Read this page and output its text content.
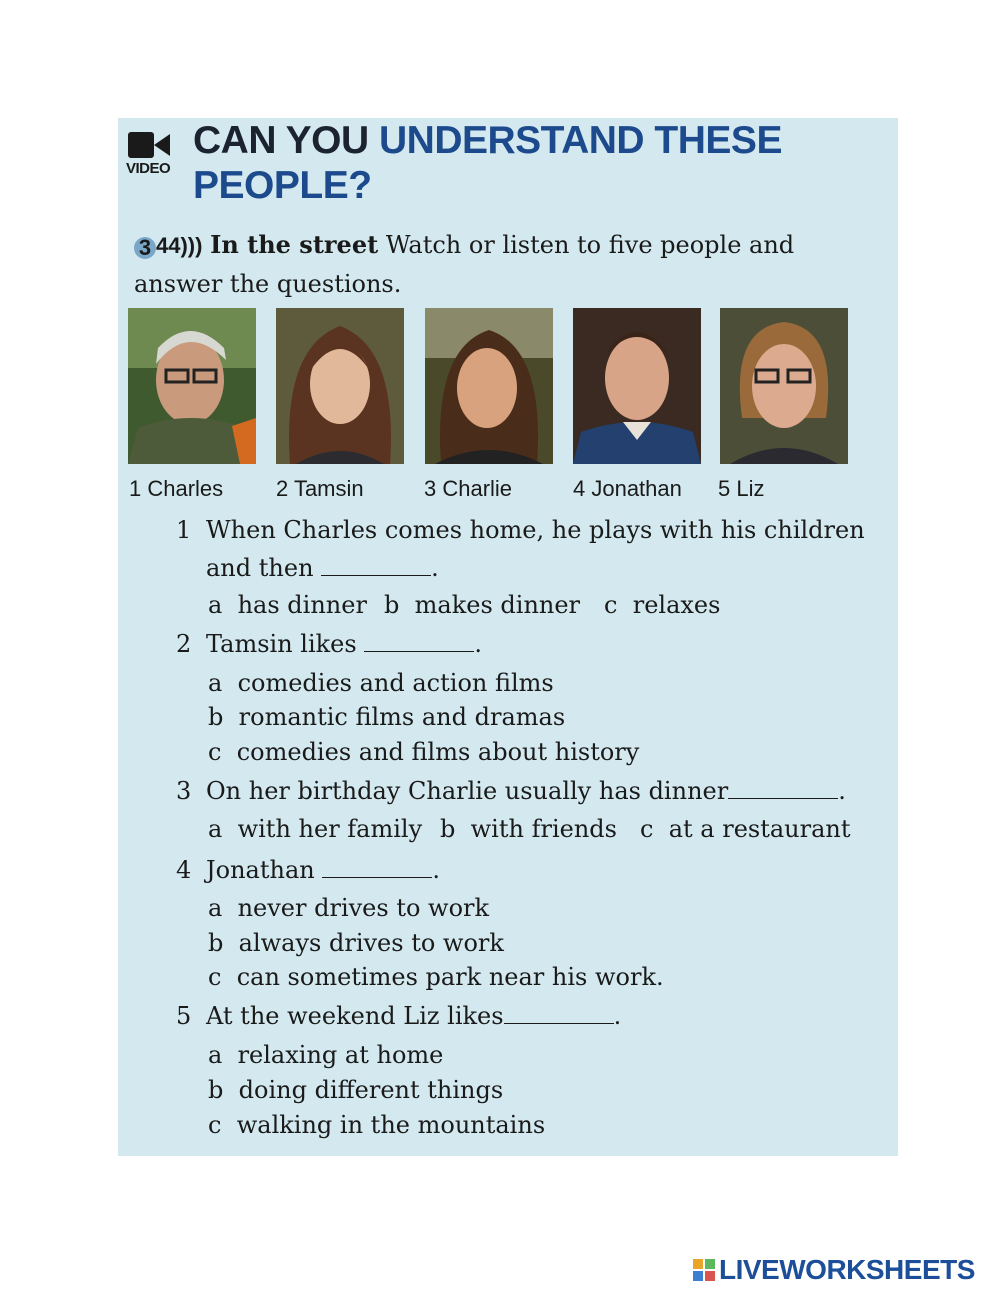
VIDEO
CAN YOU UNDERSTAND THESE
PEOPLE?
3 44))) In the street Watch or listen to five people and answer the questions.
1 Charles 2 Tamsin	3 Charlie	4 Jonathan 5 Liz
1 When Charles comes home, he plays with his children
and then	.
a has dinner b makes dinner c relaxes
2 Tamsin likes	.
a comedies and action films
b romantic films and dramas
c comedies and films about history
3 On her birthday Charlie usually has dinner	.
a with her family b with friends c at a restaurant
4 Jonathan	.
a never drives to work
b always drives to work
c can sometimes park near his work.
5 At the weekend Liz likes	.
a relaxing at home
b doing different things
c walking in the mountains
LIVEWORKSHEETS
